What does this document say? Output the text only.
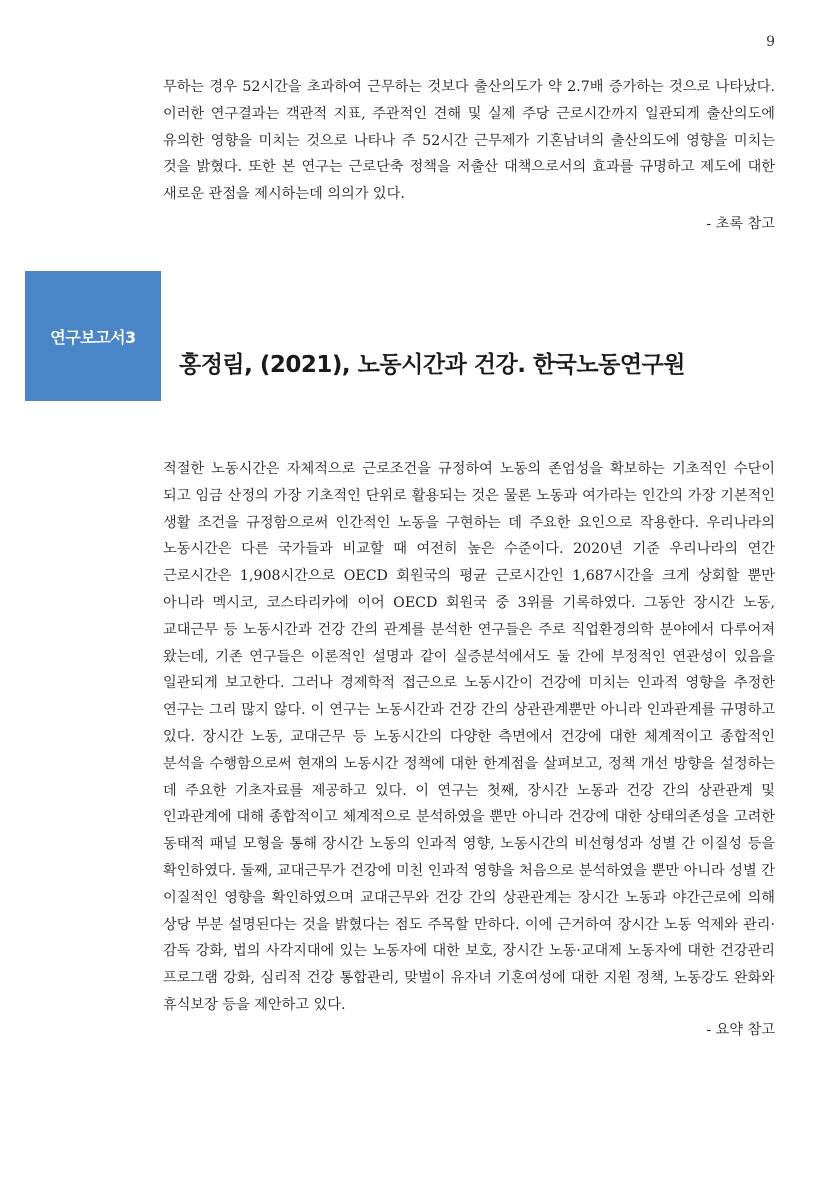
9

무하는 경우 52시간을 초과하여 근무하는 것보다 출산의도가 약 2.7배 증가하는 것으로 나타났다. 이러한 연구결과는 객관적 지표, 주관적인 견해 및 실제 주당 근로시간까지 일관되게 출산의도에 유의한 영향을 미치는 것으로 나타나 주 52시간 근무제가 기혼남녀의 출산의도에 영향을 미치는 것을 밝혔다. 또한 본 연구는 근로단축 정책을 저출산 대책으로서의 효과를 규명하고 제도에 대한 새로운 관점을 제시하는데 의의가 있다.

- 초록 참고
연구보고서3
홍정림, (2021), 노동시간과 건강. 한국노동연구원

적절한 노동시간은 자체적으로 근로조건을 규정하여 노동의 존엄성을 확보하는 기초적인 수단이 되고 임금 산정의 가장 기초적인 단위로 활용되는 것은 물론 노동과 여가라는 인간의 가장 기본적인 생활 조건을 규정함으로써 인간적인 노동을 구현하는 데 주요한 요인으로 작용한다. 우리나라의 노동시간은 다른 국가들과 비교할 때 여전히 높은 수준이다. 2020년 기준 우리나라의 연간 근로시간은 1,908시간으로 OECD 회원국의 평균 근로시간인 1,687시간을 크게 상회할 뿐만 아니라 멕시코, 코스타리카에 이어 OECD 회원국 중 3위를 기록하였다. 그동안 장시간 노동, 교대근무 등 노동시간과 건강 간의 관계를 분석한 연구들은 주로 직업환경의학 분야에서 다루어져 왔는데, 기존 연구들은 이론적인 설명과 같이 실증분석에서도 둘 간에 부정적인 연관성이 있음을 일관되게 보고한다. 그러나 경제학적 접근으로 노동시간이 건강에 미치는 인과적 영향을 추정한 연구는 그리 많지 않다. 이 연구는 노동시간과 건강 간의 상관관계뿐만 아니라 인과관계를 규명하고 있다. 장시간 노동, 교대근무 등 노동시간의 다양한 측면에서 건강에 대한 체계적이고 종합적인 분석을 수행함으로써 현재의 노동시간 정책에 대한 한계점을 살펴보고, 정책 개선 방향을 설정하는 데 주요한 기초자료를 제공하고 있다. 이 연구는 첫째, 장시간 노동과 건강 간의 상관관계 및 인과관계에 대해 종합적이고 체계적으로 분석하였을 뿐만 아니라 건강에 대한 상태의존성을 고려한 동태적 패널 모형을 통해 장시간 노동의 인과적 영향, 노동시간의 비선형성과 성별 간 이질성 등을 확인하였다. 둘째, 교대근무가 건강에 미친 인과적 영향을 처음으로 분석하였을 뿐만 아니라 성별 간 이질적인 영향을 확인하였으며 교대근무와 건강 간의 상관관계는 장시간 노동과 야간근로에 의해 상당 부분 설명된다는 것을 밝혔다는 점도 주목할 만하다. 이에 근거하여 장시간 노동 억제와 관리·감독 강화, 법의 사각지대에 있는 노동자에 대한 보호, 장시간 노동·교대제 노동자에 대한 건강관리 프로그램 강화, 심리적 건강 통합관리, 맞벌이 유자녀 기혼여성에 대한 지원 정책, 노동강도 완화와 휴식보장 등을 제안하고 있다.

- 요약 참고
